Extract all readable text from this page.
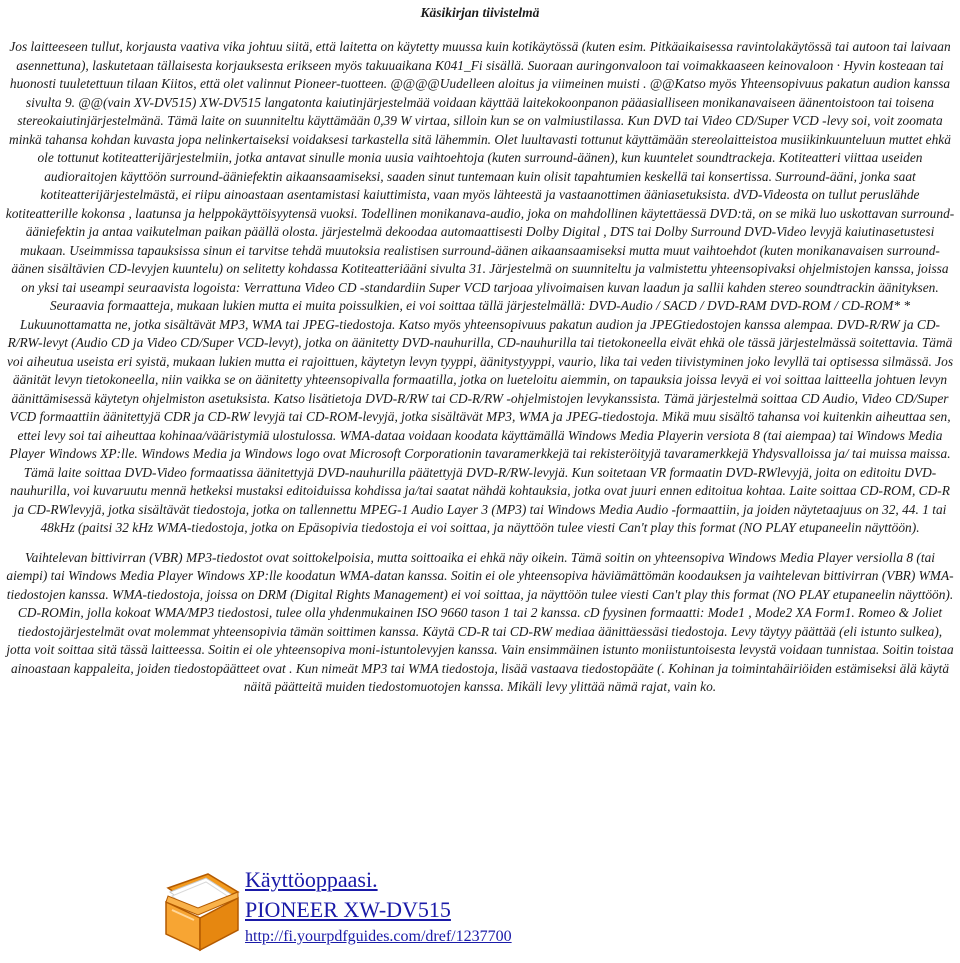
Käsikirjan tiivistelmä

Jos laitteeseen tullut, korjausta vaativa vika johtuu siitä, että laitetta on käytetty muussa kuin kotikäytössä (kuten esim. Pitkäaikaisessa ravintolakäytössä tai autoon tai laivaan asennettuna), laskutetaan tällaisesta korjauksesta erikseen myös takuuaikana K041_Fi sisällä. Suoraan auringonvaloon tai voimakkaaseen keinovaloon · Hyvin kosteaan tai huonosti tuuletettuun tilaan Kiitos, että olet valinnut Pioneer-tuotteen. @@@@Uudelleen aloitus ja viimeinen muisti . @@Katso myös Yhteensopivuus pakatun audion kanssa sivulta 9. @@(vain XV-DV515) XW-DV515 langatonta kaiutinjärjestelmää voidaan käyttää laitekokoonpanon pääasialliseen monikanavaiseen äänentoistoon tai toisena stereokaiutinjärjestelmänä. Tämä laite on suunniteltu käyttämään 0,39 W virtaa, silloin kun se on valmiustilassa. Kun DVD tai Video CD/Super VCD -levy soi, voit zoomata minkä tahansa kohdan kuvasta jopa nelinkertaiseksi voidaksesi tarkastella sitä lähemmin. Olet luultavasti tottunut käyttämään stereolaitteistoa musiikinkuunteluun muttet ehkä ole tottunut kotiteatterijärjestelmiin, jotka antavat sinulle monia uusia vaihtoehtoja (kuten surround-äänen), kun kuuntelet soundtrackeja. Kotiteatteri viittaa useiden audioraitojen käyttöön surround-ääniefektin aikaansaamiseksi, saaden sinut tuntemaan kuin olisit tapahtumien keskellä tai konsertissa. Surround-ääni, jonka saat kotiteatterijärjestelmästä, ei riipu ainoastaan asentamistasi kaiuttimista, vaan myös lähteestä ja vastaanottimen ääniasetuksista. dVD-Videosta on tullut peruslähde kotiteatterille kokonsa , laatunsa ja helppokäyttöisyytensä vuoksi. Todellinen monikanava-audio, joka on mahdollinen käytettäessä DVD:tä, on se mikä luo uskottavan surround-äänief​ektin ja antaa vaikutelman paikan päällä olosta. järjestelmä dekoodaa automaattisesti Dolby Digital , DTS tai Dolby Surround DVD-Video levyjä kaiutinasetustesi mukaan. Useimmissa tapauksissa sinun ei tarvitse tehdä muutoksia realistisen surround-äänen aikaansaamiseksi mutta muut vaihtoehdot (kuten monikanavaisen surround-äänen sisältävien CD-levyjen kuuntelu) on selitetty kohdassa Kotiteatteriääni sivulta 31. Järjestelmä on suunniteltu ja valmistettu yhteensopivaksi ohjelmistojen kanssa, joissa on yksi tai useampi seuraavista logoista: Verrattuna Video CD -standardiin Super VCD tarjoaa ylivoimaisen kuvan laadun ja sallii kahden stereo soundtrackin äänityksen. Seuraavia formaatteja, mukaan lukien mutta ei muita poissulkien, ei voi soittaa tällä järjestelmällä: DVD-Audio / SACD / DVD-RAM DVD-ROM / CD-ROM* * Lukuunottamatta ne, jotka sisältävät MP3, WMA tai JPEG-tiedostoja. Katso myös yhteensopivuus pakatun audion ja JPEGtiedostojen kanssa alempaa. DVD-R/RW ja CD-R/RW-levyt (Audio CD ja Video CD/Super VCD-levyt), jotka on äänitetty DVD-nauhurilla, CD-nauhurilla tai tietokoneella eivät ehkä ole tässä järjestelmässä soitettavia. Tämä voi aiheutua useista eri syistä, mukaan lukien mutta ei rajoittuen, käytetyn levyn tyyppi, äänitystyyppi, vaurio, lika tai veden tiivistyminen joko levyllä tai optisessa silmässä. Jos äänität levyn tietokoneella, niin vaikka se on äänitetty yhteensopivalla formaatilla, jotka on lueteloitu aiemmin, on tapauksia joissa levyä ei voi soittaa laitteella johtuen levyn äänittämisessä käytetyn ohjelmiston asetuksista. Katso lisätietoja DVD-R/RW tai CD-R/RW -ohjelmistojen levykanssista. Tämä järjestelmä soittaa CD Audio, Video CD/Super VCD formaattiin äänitettyjä CDR ja CD-RW levyjä tai CD-ROM-levyjä, jotka sisältävät MP3, WMA ja JPEG-tiedostoja. Mikä muu sisältö tahansa voi kuitenkin aiheuttaa sen, ettei levy soi tai aiheuttaa kohinaa/vääristymiä ulostulossa. WMA-dataa voidaan koodata käyttämällä Windows Media Playerin versiota 8 (tai aiempaa) tai Windows Media Player Windows XP:lle. Windows Media ja Windows logo ovat Microsoft Corporationin tavaramerkkejä tai rekisteröityjä tavaramerkkejä Yhdysvalloissa ja/ tai muissa maissa. Tämä laite soittaa DVD-Video formaatissa äänitettyjä DVD-nauhurilla päätettyjä DVD-R/RW-levyjä. Kun soitetaan VR formaatin DVD-RWlevyjä, joita on editoitu DVD-nauhurilla, voi kuvaruutu mennä hetkeksi mustaksi editoiduissa kohdissa ja/tai saatat nähdä kohtauksia, jotka ovat juuri ennen editoitua kohtaa. Laite soittaa CD-ROM, CD-R ja CD-RWlevyjä, jotka sisältävät tiedostoja, jotka on tallennettu MPEG-1 Audio Layer 3 (MP3) tai Windows Media Audio -formaattiin, ja joiden näytetaajuus on 32, 44. 1 tai 48kHz (paitsi 32 kHz WMA-tiedostoja, jotka on Epäsopivia tiedostoja ei voi soittaa, ja näyttöön tulee viesti Can't play this format (NO PLAY etupaneelin näyttöön).

Vaihtelevan bittivirran (VBR) MP3-tiedostot ovat soittokelpoisia, mutta soittoaika ei ehkä näy oikein. Tämä soitin on yhteensopiva Windows Media Player versiolla 8 (tai aiempi) tai Windows Media Player Windows XP:lle koodatun WMA-datan kanssa. Soitin ei ole yhteensopiva häviämättömän koodauksen ja vaihtelevan bittivirran (VBR) WMA-tiedostojen kanssa. WMA-tiedostoja, joissa on DRM (Digital Rights Management) ei voi soittaa, ja näyttöön tulee viesti Can't play this format (NO PLAY etupaneelin näyttöön). CD-ROMin, jolla kokoat WMA/MP3 tiedostosi, tulee olla yhdenmukainen ISO 9660 tason 1 tai 2 kanssa. cD fyysinen formaatti: Mode1 , Mode2 XA Form1. Romeo & Joliet tiedostojärjestelmät ovat molemmat yhteensopivia tämän soittimen kanssa. Käytä CD-R tai CD-RW mediaa äänittäessäsi tiedostoja. Levy täytyy päättää (eli istunto sulkea), jotta voit soittaa sitä tässä laitteessa. Soitin ei ole yhteensopiva moni-istuntolevyjen kanssa. Vain ensimmäinen istunto moniistuntoisesta levystä voidaan tunnistaa. Soitin toistaa ainoastaan kappaleita, joiden tiedostopäätteet ovat . Kun nimeät MP3 tai WMA tiedostoja, lisää vastaava tiedostopääte (. Kohinan ja toimintahäiriöiden estämiseksi älä käytä näitä päätteitä muiden tiedostomuotojen kanssa. Mikäli levy ylittää nämä rajat, vain ko.

Käyttöoppaasi.
PIONEER XW-DV515
http://fi.yourpdfguides.com/dref/1237700
